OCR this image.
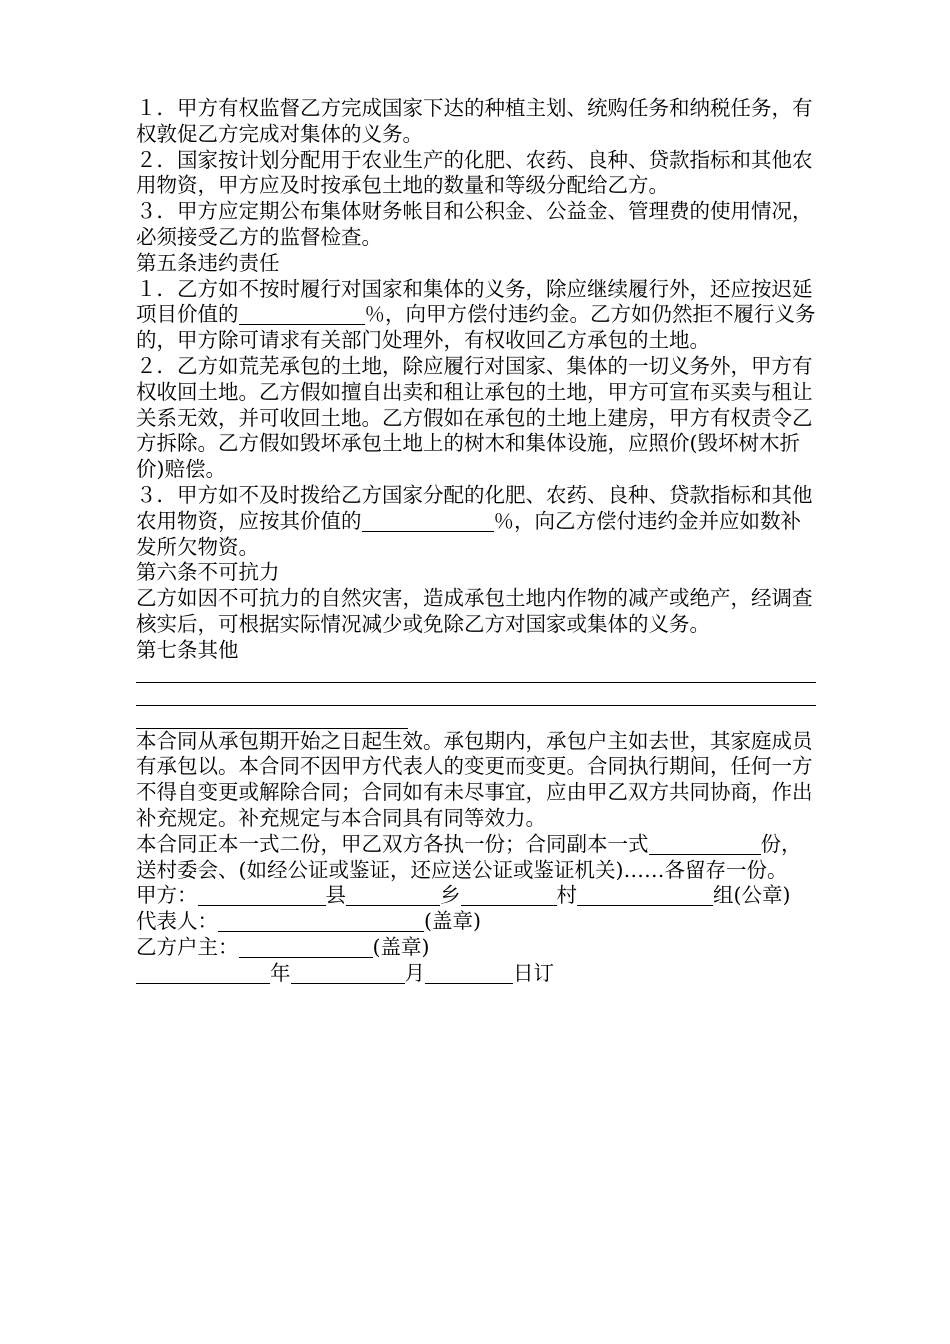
１．甲方有权监督乙方完成国家下达的种植主划、统购任务和纳税任务，有权敦促乙方完成对集体的义务。

２．国家按计划分配用于农业生产的化肥、农药、良种、贷款指标和其他农用物资，甲方应及时按承包土地的数量和等级分配给乙方。

３．甲方应定期公布集体财务帐目和公积金、公益金、管理费的使用情况，必须接受乙方的监督检查。

第五条违约责任

１．乙方如不按时履行对国家和集体的义务，除应继续履行外，还应按迟延项目价值的	％，向甲方偿付违约金。乙方如仍然拒不履行义务的，甲方除可请求有关部门处理外，有权收回乙方承包的土地。

２．乙方如荒芜承包的土地，除应履行对国家、集体的一切义务外，甲方有权收回土地。乙方假如擅自出卖和租让承包的土地，甲方可宣布买卖与租让关系无效，并可收回土地。乙方假如在承包的土地上建房，甲方有权责令乙方拆除。乙方假如毁坏承包土地上的树木和集体设施，应照价(毁坏树木折价)赔偿。

３．甲方如不及时拨给乙方国家分配的化肥、农药、良种、贷款指标和其他农用物资，应按其价值的	％，向乙方偿付违约金并应如数补发所欠物资。

第六条不可抗力

乙方如因不可抗力的自然灾害，造成承包土地内作物的减产或绝产，经调查核实后，可根据实际情况减少或免除乙方对国家或集体的义务。

第七条其他

本合同从承包期开始之日起生效。承包期内，承包户主如去世，其家庭成员有承包以。本合同不因甲方代表人的变更而变更。合同执行期间，任何一方不得自变更或解除合同；合同如有未尽事宜，应由甲乙双方共同协商，作出补充规定。补充规定与本合同具有同等效力。

本合同正本一式二份，甲乙双方各执一份；合同副本一式	份，送村委会、(如经公证或鉴证，还应送公证或鉴证机关)……各留存一份。

甲方：	县	乡	村	组(公章)

代表人：	(盖章)

乙方户主：	(盖章)

年	月	日订
